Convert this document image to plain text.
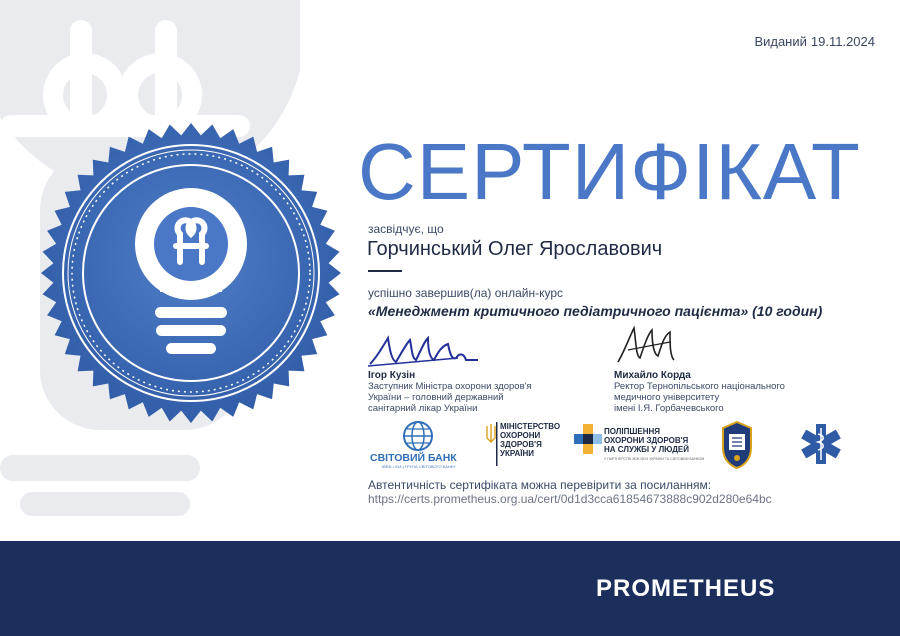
Виданий 19.11.2024
СЕРТИФІКАТ
засвідчує, що
Горчинський Олег Ярославович
успішно завершив(ла) онлайн-курс
«Менеджмент критичного педіатричного пацієнта» (10 годин)
Ігор Кузін
Заступник Міністра охорони здоров'я
України – головний державний
санітарний лікар України
Михайло Корда
Ректор Тернопільського національного
медичного університету
імені І.Я. Горбачевського
СВІТОВИЙ БАНК
IBRD • IDA | ГРУПА СВІТОВОГО БАНКУ
МІНІСТЕРСТВО
ОХОРОНИ
ЗДОРОВ'Я
УКРАЇНИ
ПОЛІПШЕННЯ
ОХОРОНИ ЗДОРОВ'Я
НА СЛУЖБІ У ЛЮДЕЙ
У ПАРТНЕРСТВІ МІЖ МОЗ УКРАЇНИ ТА СВІТОВИМ БАНКОМ
Автентичність сертифіката можна перевірити за посиланням:
https://certs.prometheus.org.ua/cert/0d1d3cca61854673888c902d280e64bc
PROMETHEUS
